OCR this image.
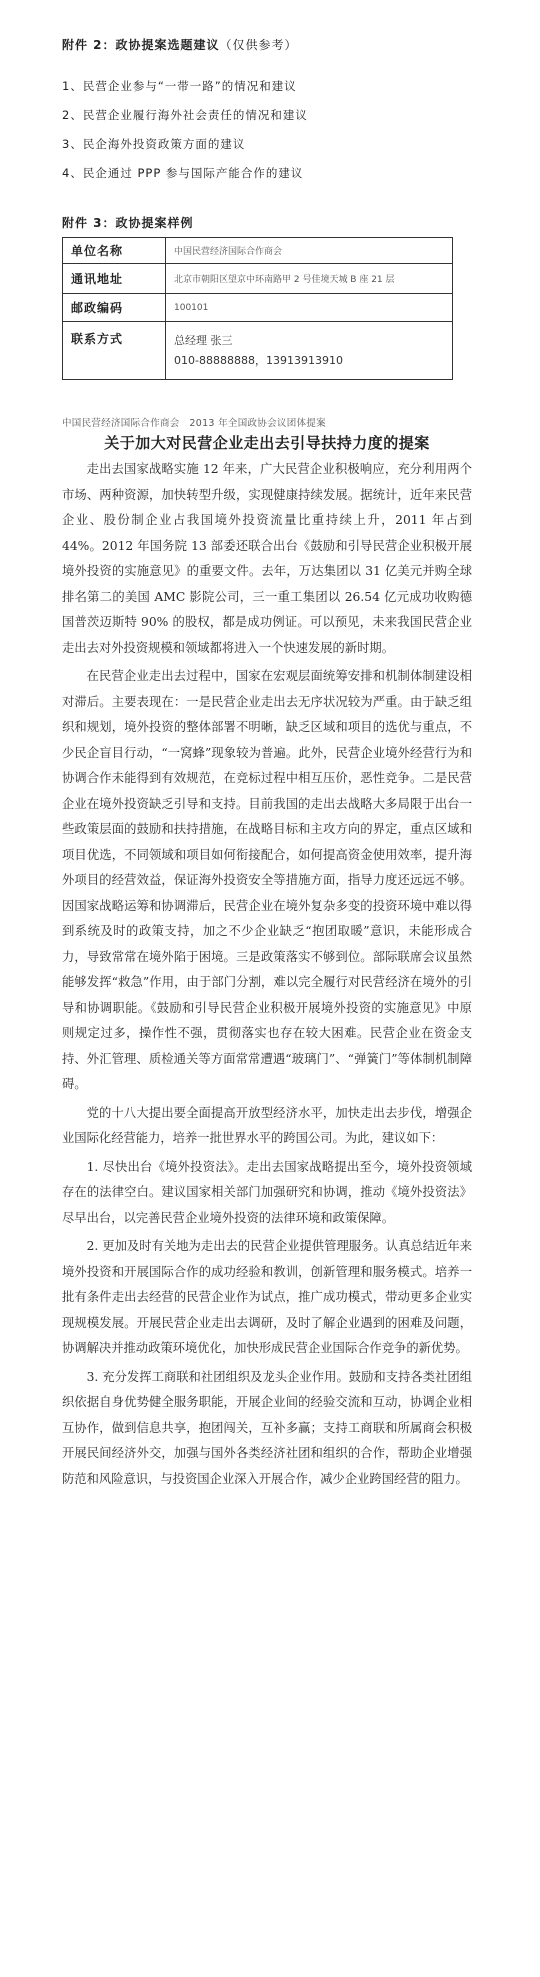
附件 2：政协提案选题建议（仅供参考）
1、民营企业参与“一带一路”的情况和建议
2、民营企业履行海外社会责任的情况和建议
3、民企海外投资政策方面的建议
4、民企通过 PPP 参与国际产能合作的建议
附件 3：政协提案样例
单位名称	中国民营经济国际合作商会
通讯地址	北京市朝阳区望京中环南路甲 2 号佳境天城 B 座 21 层
邮政编码	100101
联系方式	总经理 张三
010-88888888，13913913910
中国民营经济国际合作商会　2013 年全国政协会议团体提案
关于加大对民营企业走出去引导扶持力度的提案

走出去国家战略实施 12 年来，广大民营企业积极响应，充分利用两个市场、两种资源，加快转型升级，实现健康持续发展。据统计，近年来民营企业、股份制企业占我国境外投资流量比重持续上升，2011 年占到 44%。2012 年国务院 13 部委还联合出台《鼓励和引导民营企业积极开展境外投资的实施意见》的重要文件。去年，万达集团以 31 亿美元并购全球排名第二的美国 AMC 影院公司，三一重工集团以 26.54 亿元成功收购德国普茨迈斯特 90% 的股权，都是成功例证。可以预见，未来我国民营企业走出去对外投资规模和领域都将进入一个快速发展的新时期。

在民营企业走出去过程中，国家在宏观层面统筹安排和机制体制建设相对滞后。主要表现在：一是民营企业走出去无序状况较为严重。由于缺乏组织和规划，境外投资的整体部署不明晰，缺乏区域和项目的选优与重点，不少民企盲目行动，“一窝蜂”现象较为普遍。此外，民营企业境外经营行为和协调合作未能得到有效规范，在竞标过程中相互压价，恶性竞争。二是民营企业在境外投资缺乏引导和支持。目前我国的走出去战略大多局限于出台一些政策层面的鼓励和扶持措施，在战略目标和主攻方向的界定，重点区域和项目优选，不同领域和项目如何衔接配合，如何提高资金使用效率，提升海外项目的经营效益，保证海外投资安全等措施方面，指导力度还远远不够。因国家战略运筹和协调滞后，民营企业在境外复杂多变的投资环境中难以得到系统及时的政策支持，加之不少企业缺乏“抱团取暖”意识，未能形成合力，导致常常在境外陷于困境。三是政策落实不够到位。部际联席会议虽然能够发挥“救急”作用，由于部门分割，难以完全履行对民营经济在境外的引导和协调职能。《鼓励和引导民营企业积极开展境外投资的实施意见》中原则规定过多，操作性不强，贯彻落实也存在较大困难。民营企业在资金支持、外汇管理、质检通关等方面常常遭遇“玻璃门”、“弹簧门”等体制机制障碍。

党的十八大提出要全面提高开放型经济水平，加快走出去步伐，增强企业国际化经营能力，培养一批世界水平的跨国公司。为此，建议如下：

1. 尽快出台《境外投资法》。走出去国家战略提出至今，境外投资领域存在的法律空白。建议国家相关部门加强研究和协调，推动《境外投资法》尽早出台，以完善民营企业境外投资的法律环境和政策保障。

2. 更加及时有关地为走出去的民营企业提供管理服务。认真总结近年来境外投资和开展国际合作的成功经验和教训，创新管理和服务模式。培养一批有条件走出去经营的民营企业作为试点，推广成功模式，带动更多企业实现规模发展。开展民营企业走出去调研，及时了解企业遇到的困难及问题，协调解决并推动政策环境优化，加快形成民营企业国际合作竞争的新优势。

3. 充分发挥工商联和社团组织及龙头企业作用。鼓励和支持各类社团组织依据自身优势健全服务职能，开展企业间的经验交流和互动，协调企业相互协作，做到信息共享，抱团闯关，互补多赢；支持工商联和所属商会积极开展民间经济外交，加强与国外各类经济社团和组织的合作，帮助企业增强防范和风险意识，与投资国企业深入开展合作，减少企业跨国经营的阻力。
